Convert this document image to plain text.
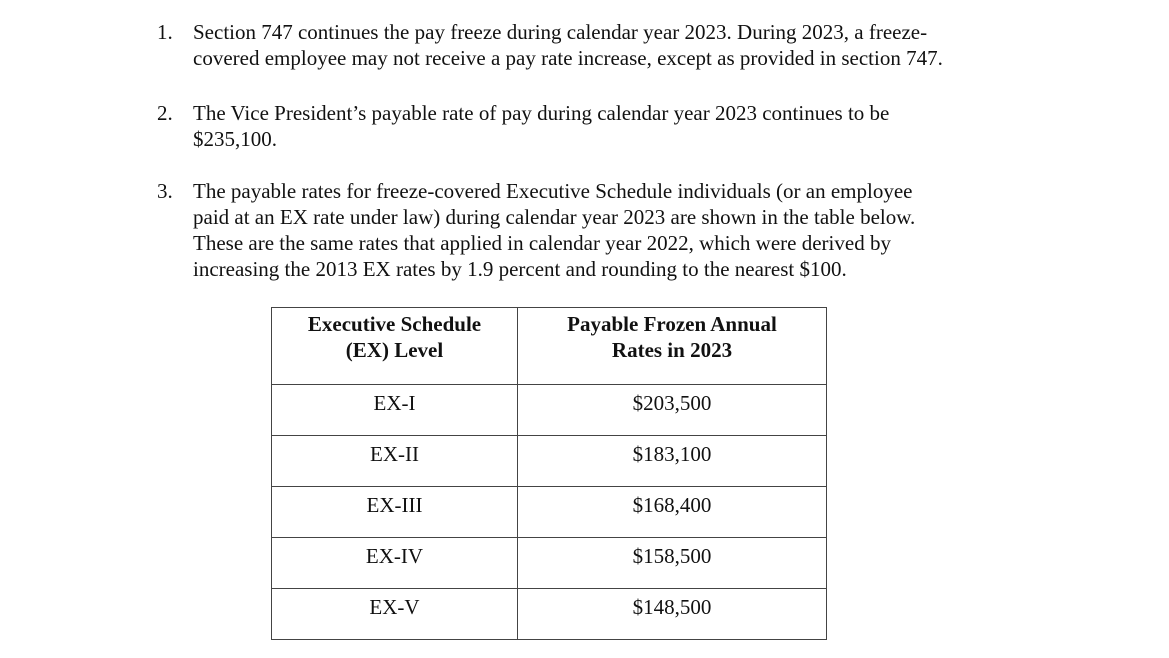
1. Section 747 continues the pay freeze during calendar year 2023. During 2023, a freeze-
covered employee may not receive a pay rate increase, except as provided in section 747.
2. The Vice President’s payable rate of pay during calendar year 2023 continues to be
$235,100.
3. The payable rates for freeze-covered Executive Schedule individuals (or an employee
paid at an EX rate under law) during calendar year 2023 are shown in the table below.
These are the same rates that applied in calendar year 2022, which were derived by
increasing the 2013 EX rates by 1.9 percent and rounding to the nearest $100.
Executive Schedule
(EX) Level	Payable Frozen Annual
Rates in 2023

EX-I	$203,500
EX-II	$183,100
EX-III	$168,400
EX-IV	$158,500
EX-V	$148,500
